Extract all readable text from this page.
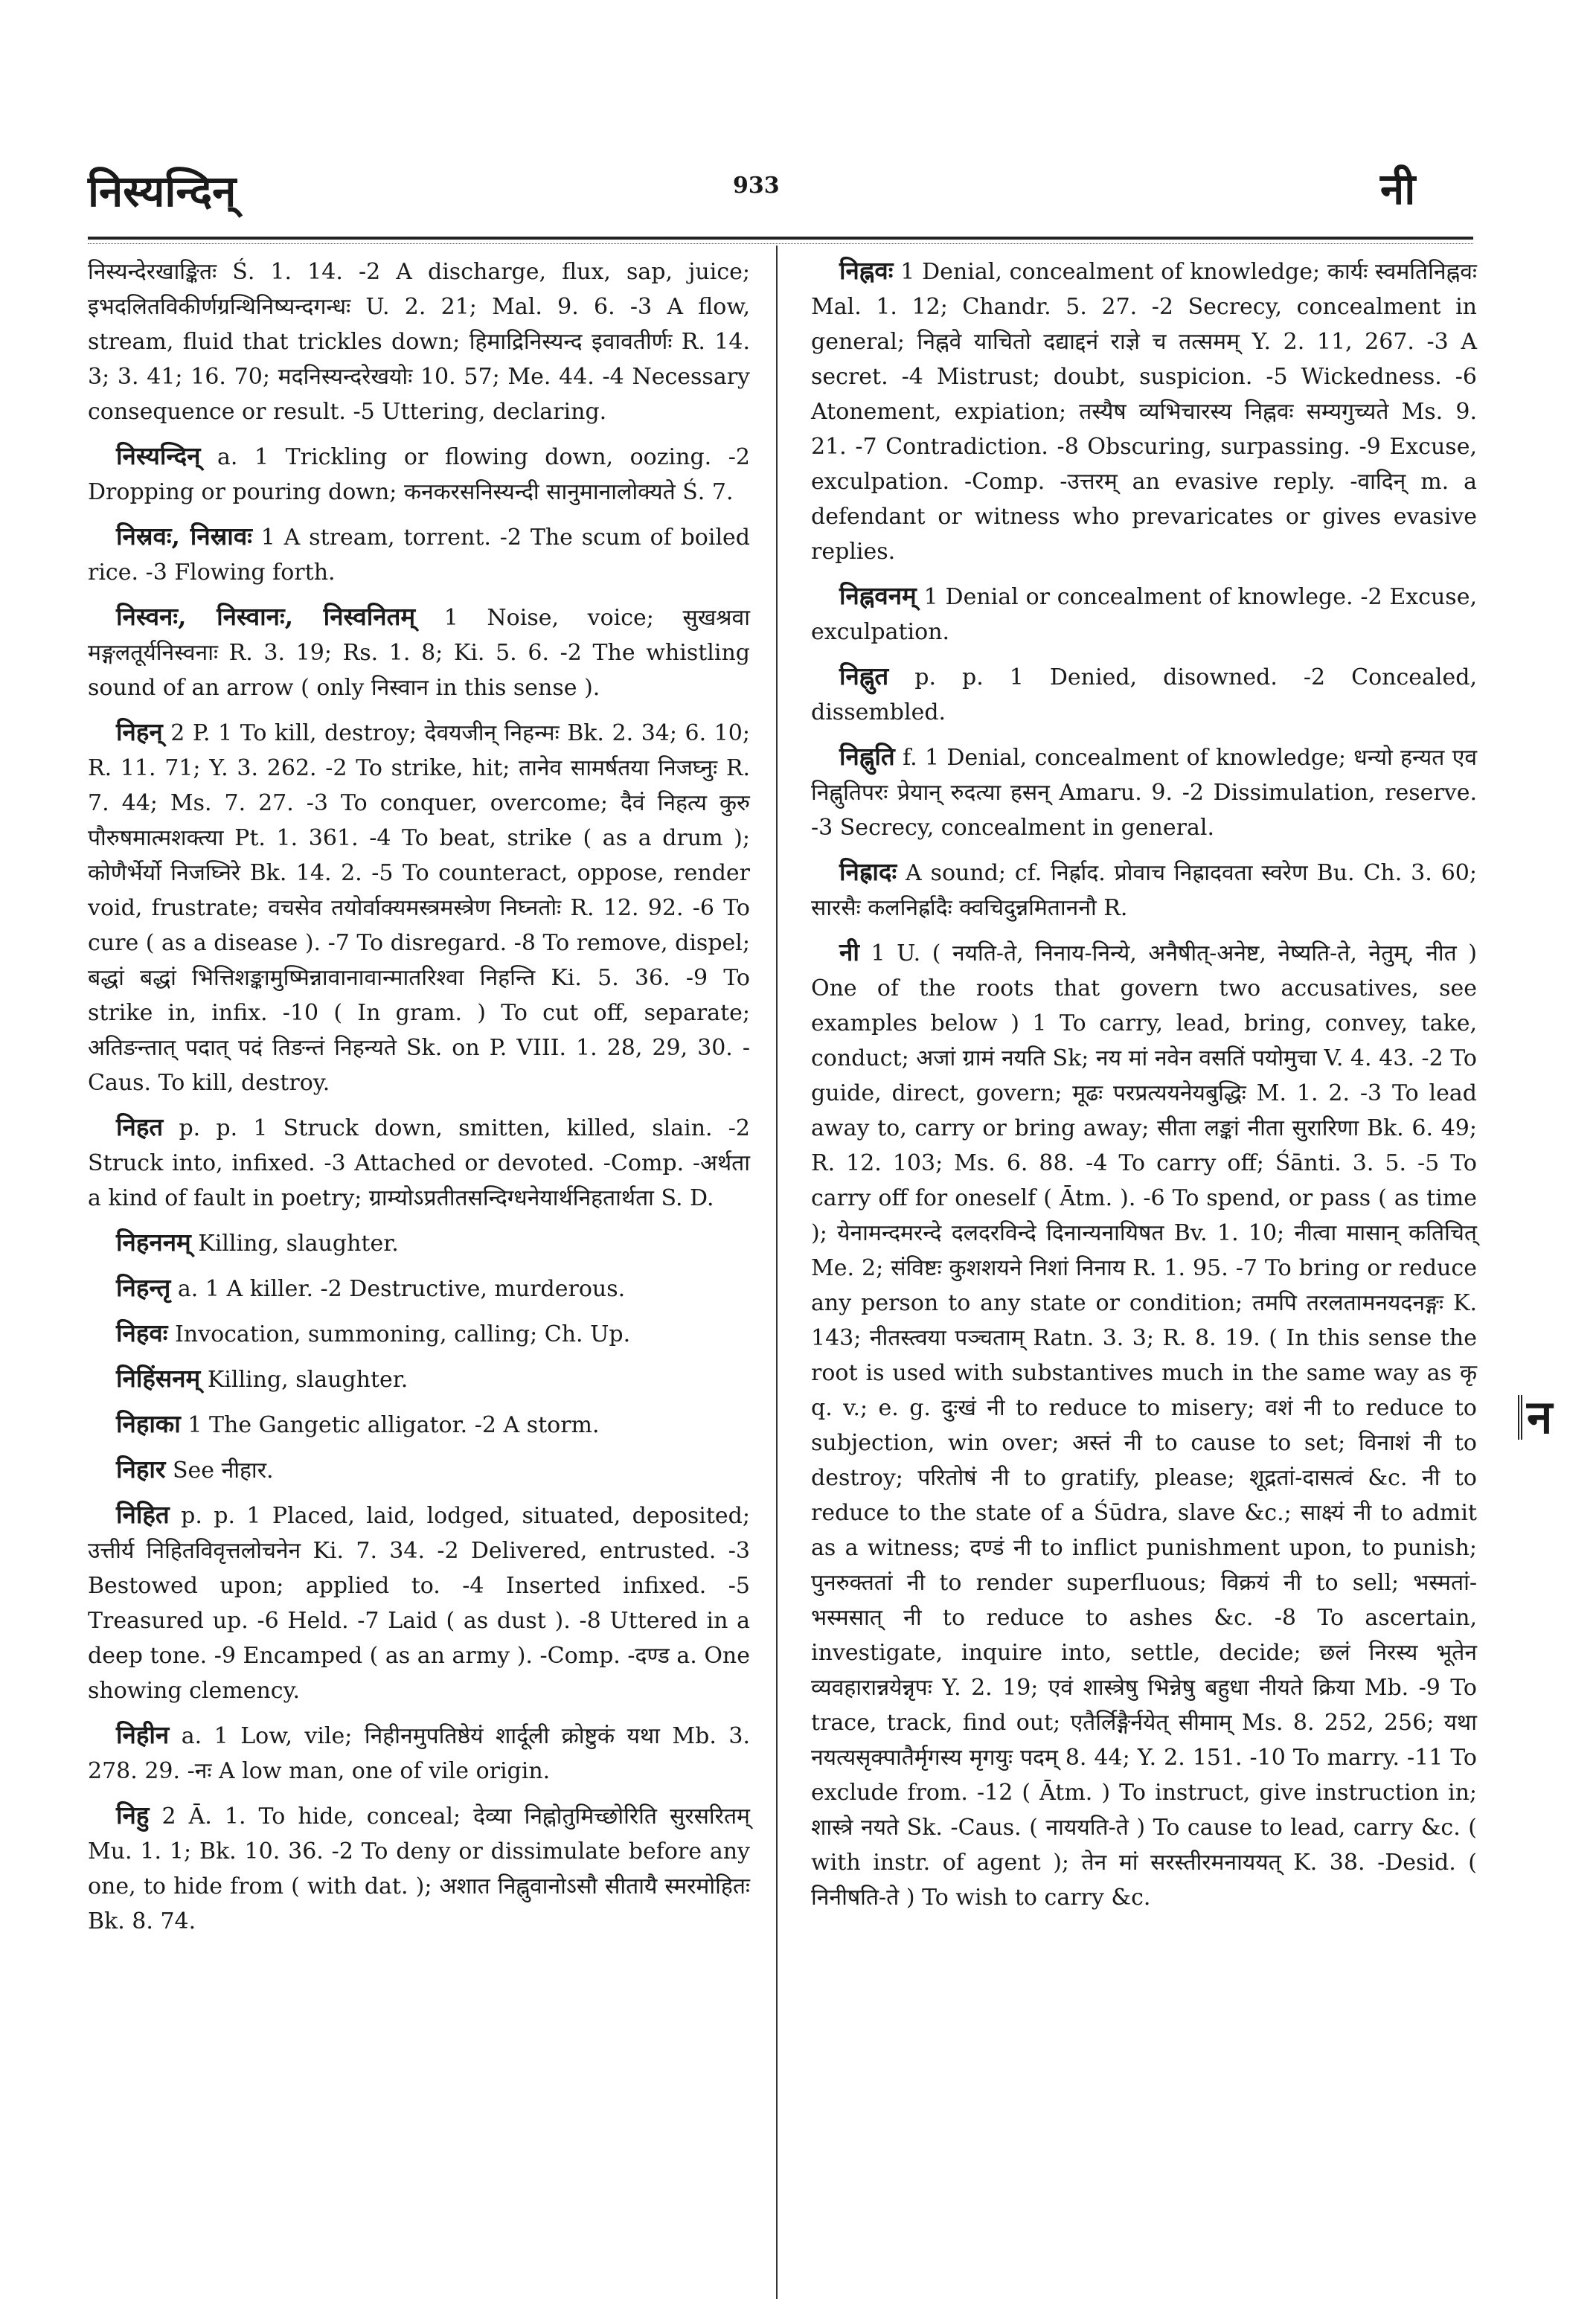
निस्यन्दिन्	933	नी

निस्यन्देरखाङ्कितः Ś. 1. 14. -2 A discharge, flux, sap, juice; इभदलितविकीर्णग्रन्थिनिष्यन्दगन्धः U. 2. 21; Mal. 9. 6. -3 A flow, stream, fluid that trickles down; हिमाद्रिनिस्यन्द इवावतीर्णः R. 14. 3; 3. 41; 16. 70; मदनिस्यन्दरेखयोः 10. 57; Me. 44. -4 Necessary consequence or result. -5 Uttering, declaring.

निस्यन्दिन् a. 1 Trickling or flowing down, oozing. -2 Dropping or pouring down; कनकरसनिस्यन्दी सानुमानालोक्यते Ś. 7.

निस्रवः, निस्रावः 1 A stream, torrent. -2 The scum of boiled rice. -3 Flowing forth.

निस्वनः, निस्वानः, निस्वनितम् 1 Noise, voice; सुखश्रवा मङ्गलतूर्यनिस्वनाः R. 3. 19; Rs. 1. 8; Ki. 5. 6. -2 The whistling sound of an arrow ( only निस्वान in this sense ).

निहन् 2 P. 1 To kill, destroy; देवयजीन् निहन्मः Bk. 2. 34; 6. 10; R. 11. 71; Y. 3. 262. -2 To strike, hit; तानेव सामर्षतया निजघ्नुः R. 7. 44; Ms. 7. 27. -3 To conquer, overcome; दैवं निहत्य कुरु पौरुषमात्मशक्त्या Pt. 1. 361. -4 To beat, strike ( as a drum ); कोणैर्भेर्यो निजघ्निरे Bk. 14. 2. -5 To counteract, oppose, render void, frustrate; वचसेव तयोर्वाक्यमस्त्रमस्त्रेण निघ्नतोः R. 12. 92. -6 To cure ( as a disease ). -7 To disregard. -8 To remove, dispel; बद्धां बद्धां भित्तिशङ्कामुष्मिन्नावानावान्मातरिश्वा निहन्ति Ki. 5. 36. -9 To strike in, infix. -10 ( In gram. ) To cut off, separate; अतिङन्तात् पदात् पदं तिङन्तं निहन्यते Sk. on P. VIII. 1. 28, 29, 30. -Caus. To kill, destroy.

निहत p. p. 1 Struck down, smitten, killed, slain. -2 Struck into, infixed. -3 Attached or devoted. -Comp. -अर्थता a kind of fault in poetry; ग्राम्योऽप्रतीतसन्दिग्धनेयार्थनिहतार्थता S. D.

निहननम् Killing, slaughter.

निहन्तृ a. 1 A killer. -2 Destructive, murderous.

निहवः Invocation, summoning, calling; Ch. Up.

निहिंसनम् Killing, slaughter.

निहाका 1 The Gangetic alligator. -2 A storm.

निहार See नीहार.

निहित p. p. 1 Placed, laid, lodged, situated, deposited; उत्तीर्य निहितविवृत्तलोचनेन Ki. 7. 34. -2 Delivered, entrusted. -3 Bestowed upon; applied to. -4 Inserted infixed. -5 Treasured up. -6 Held. -7 Laid ( as dust ). -8 Uttered in a deep tone. -9 Encamped ( as an army ). -Comp. -दण्ड a. One showing clemency.

निहीन a. 1 Low, vile; निहीनमुपतिष्ठेयं शार्दूली क्रोष्टुकं यथा Mb. 3. 278. 29. -नः A low man, one of vile origin.

निहु 2 Ā. 1. To hide, conceal; देव्या निह्नोतुमिच्छोरिति सुरसरितम् Mu. 1. 1; Bk. 10. 36. -2 To deny or dissimulate before any one, to hide from ( with dat. ); अशात निह्नुवानोऽसौ सीतायै स्मरमोहितः Bk. 8. 74.

निह्नवः 1 Denial, concealment of knowledge; कार्यः स्वमतिनिह्नवः Mal. 1. 12; Chandr. 5. 27. -2 Secrecy, concealment in general; निह्नवे याचितो दद्याद्दनं राज्ञे च तत्समम् Y. 2. 11, 267. -3 A secret. -4 Mistrust; doubt, suspicion. -5 Wickedness. -6 Atonement, expiation; तस्यैष व्यभिचारस्य निह्नवः सम्यगुच्यते Ms. 9. 21. -7 Contradiction. -8 Obscuring, surpassing. -9 Excuse, exculpation. -Comp. -उत्तरम् an evasive reply. -वादिन् m. a defendant or witness who prevaricates or gives evasive replies.

निह्नवनम् 1 Denial or concealment of knowlege. -2 Excuse, exculpation.

निह्नुत p. p. 1 Denied, disowned. -2 Concealed, dissembled.

निह्नुति f. 1 Denial, concealment of knowledge; धन्यो हन्यत एव निह्नुतिपरः प्रेयान् रुदत्या हसन् Amaru. 9. -2 Dissimulation, reserve. -3 Secrecy, concealment in general.

निह्रादः A sound; cf. निर्ह्राद. प्रोवाच निह्रादवता स्वरेण Bu. Ch. 3. 60; सारसैः कलनिर्ह्रादैः क्वचिदुन्नमिताननौ R.

नी 1 U. ( नयति-ते, निनाय-निन्ये, अनैषीत्-अनेष्ट, नेष्यति-ते, नेतुम्, नीत ) One of the roots that govern two accusatives, see examples below ) 1 To carry, lead, bring, convey, take, conduct; अजां ग्रामं नयति Sk; नय मां नवेन वसतिं पयोमुचा V. 4. 43. -2 To guide, direct, govern; मूढः परप्रत्ययनेयबुद्धिः M. 1. 2. -3 To lead away to, carry or bring away; सीता लङ्कां नीता सुरारिणा Bk. 6. 49; R. 12. 103; Ms. 6. 88. -4 To carry off; Śānti. 3. 5. -5 To carry off for oneself ( Ātm. ). -6 To spend, or pass ( as time ); येनामन्दमरन्दे दलदरविन्दे दिनान्यनायिषत Bv. 1. 10; नीत्वा मासान् कतिचित् Me. 2; संविष्टः कुशशयने निशां निनाय R. 1. 95. -7 To bring or reduce any person to any state or condition; तमपि तरलतामनयदनङ्गः K. 143; नीतस्त्वया पञ्चताम् Ratn. 3. 3; R. 8. 19. ( In this sense the root is used with substantives much in the same way as कृ q. v.; e. g. दुःखं नी to reduce to misery; वशं नी to reduce to subjection, win over; अस्तं नी to cause to set; विनाशं नी to destroy; परितोषं नी to gratify, please; शूद्रतां-दासत्वं &c. नी to reduce to the state of a Śūdra, slave &c.; साक्ष्यं नी to admit as a witness; दण्डं नी to inflict punishment upon, to punish; पुनरुक्ततां नी to render superfluous; विक्रयं नी to sell; भस्मतां-भस्मसात् नी to reduce to ashes &c. -8 To ascertain, investigate, inquire into, settle, decide; छलं निरस्य भूतेन व्यवहारान्नयेन्नृपः Y. 2. 19; एवं शास्त्रेषु भिन्नेषु बहुधा नीयते क्रिया Mb. -9 To trace, track, find out; एतैर्लिङ्गैर्नयेत् सीमाम् Ms. 8. 252, 256; यथा नयत्यसृक्पातैर्मृगस्य मृगयुः पदम् 8. 44; Y. 2. 151. -10 To marry. -11 To exclude from. -12 ( Ātm. ) To instruct, give instruction in; शास्त्रे नयते Sk. -Caus. ( नाययति-ते ) To cause to lead, carry &c. ( with instr. of agent ); तेन मां सरस्तीरमनाययत् K. 38. -Desid. ( निनीषति-ते ) To wish to carry &c.

न
